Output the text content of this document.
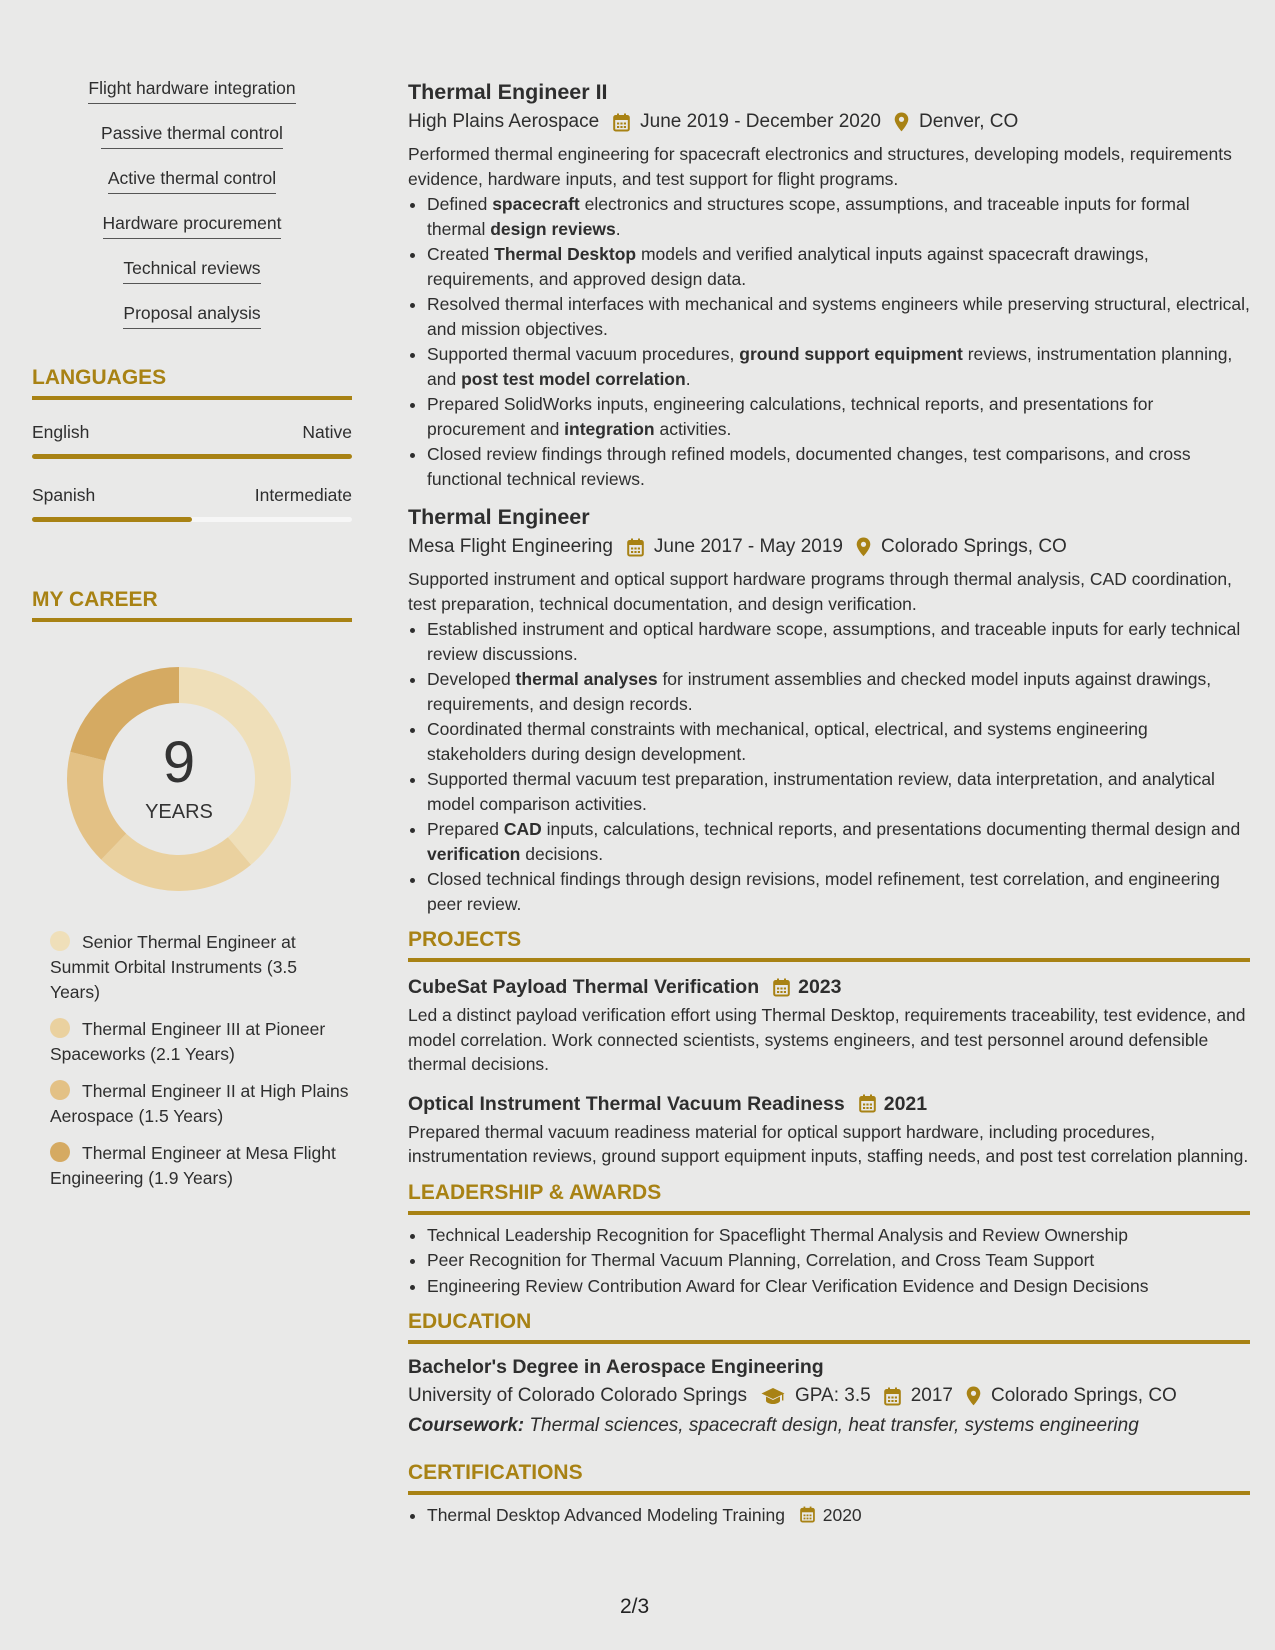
Flight hardware integration
Passive thermal control
Active thermal control
Hardware procurement
Technical reviews
Proposal analysis
LANGUAGES
English	Native
Spanish	Intermediate
MY CAREER
9
YEARS
Senior Thermal Engineer at Summit Orbital Instruments (3.5 Years)
Thermal Engineer III at Pioneer Spaceworks (2.1 Years)
Thermal Engineer II at High Plains Aerospace (1.5 Years)
Thermal Engineer at Mesa Flight Engineering (1.9 Years)
Thermal Engineer II
High Plains Aerospace June 2019 - December 2020 Denver, CO

Performed thermal engineering for spacecraft electronics and structures, developing models, requirements evidence, hardware inputs, and test support for flight programs.

• Defined spacecraft electronics and structures scope, assumptions, and traceable inputs for formal thermal design reviews.
• Created Thermal Desktop models and verified analytical inputs against spacecraft drawings, requirements, and approved design data.
• Resolved thermal interfaces with mechanical and systems engineers while preserving structural, electrical, and mission objectives.
• Supported thermal vacuum procedures, ground support equipment reviews, instrumentation planning, and post test model correlation.
• Prepared SolidWorks inputs, engineering calculations, technical reports, and presentations for procurement and integration activities.
• Closed review findings through refined models, documented changes, test comparisons, and cross functional technical reviews.
Thermal Engineer
Mesa Flight Engineering June 2017 - May 2019 Colorado Springs, CO

Supported instrument and optical support hardware programs through thermal analysis, CAD coordination, test preparation, technical documentation, and design verification.

• Established instrument and optical hardware scope, assumptions, and traceable inputs for early technical review discussions.
• Developed thermal analyses for instrument assemblies and checked model inputs against drawings, requirements, and design records.
• Coordinated thermal constraints with mechanical, optical, electrical, and systems engineering stakeholders during design development.
• Supported thermal vacuum test preparation, instrumentation review, data interpretation, and analytical model comparison activities.
• Prepared CAD inputs, calculations, technical reports, and presentations documenting thermal design and verification decisions.
• Closed technical findings through design revisions, model refinement, test correlation, and engineering peer review.
PROJECTS
CubeSat Payload Thermal Verification 2023

Led a distinct payload verification effort using Thermal Desktop, requirements traceability, test evidence, and model correlation. Work connected scientists, systems engineers, and test personnel around defensible thermal decisions.

Optical Instrument Thermal Vacuum Readiness 2021

Prepared thermal vacuum readiness material for optical support hardware, including procedures, instrumentation reviews, ground support equipment inputs, staffing needs, and post test correlation planning.

LEADERSHIP & AWARDS
• Technical Leadership Recognition for Spaceflight Thermal Analysis and Review Ownership
• Peer Recognition for Thermal Vacuum Planning, Correlation, and Cross Team Support
• Engineering Review Contribution Award for Clear Verification Evidence and Design Decisions
EDUCATION
Bachelor's Degree in Aerospace Engineering
University of Colorado Colorado Springs	GPA: 3.5 2017 Colorado Springs, CO
Coursework: Thermal sciences, spacecraft design, heat transfer, systems engineering
CERTIFICATIONS
• Thermal Desktop Advanced Modeling Training 2020
2/3
